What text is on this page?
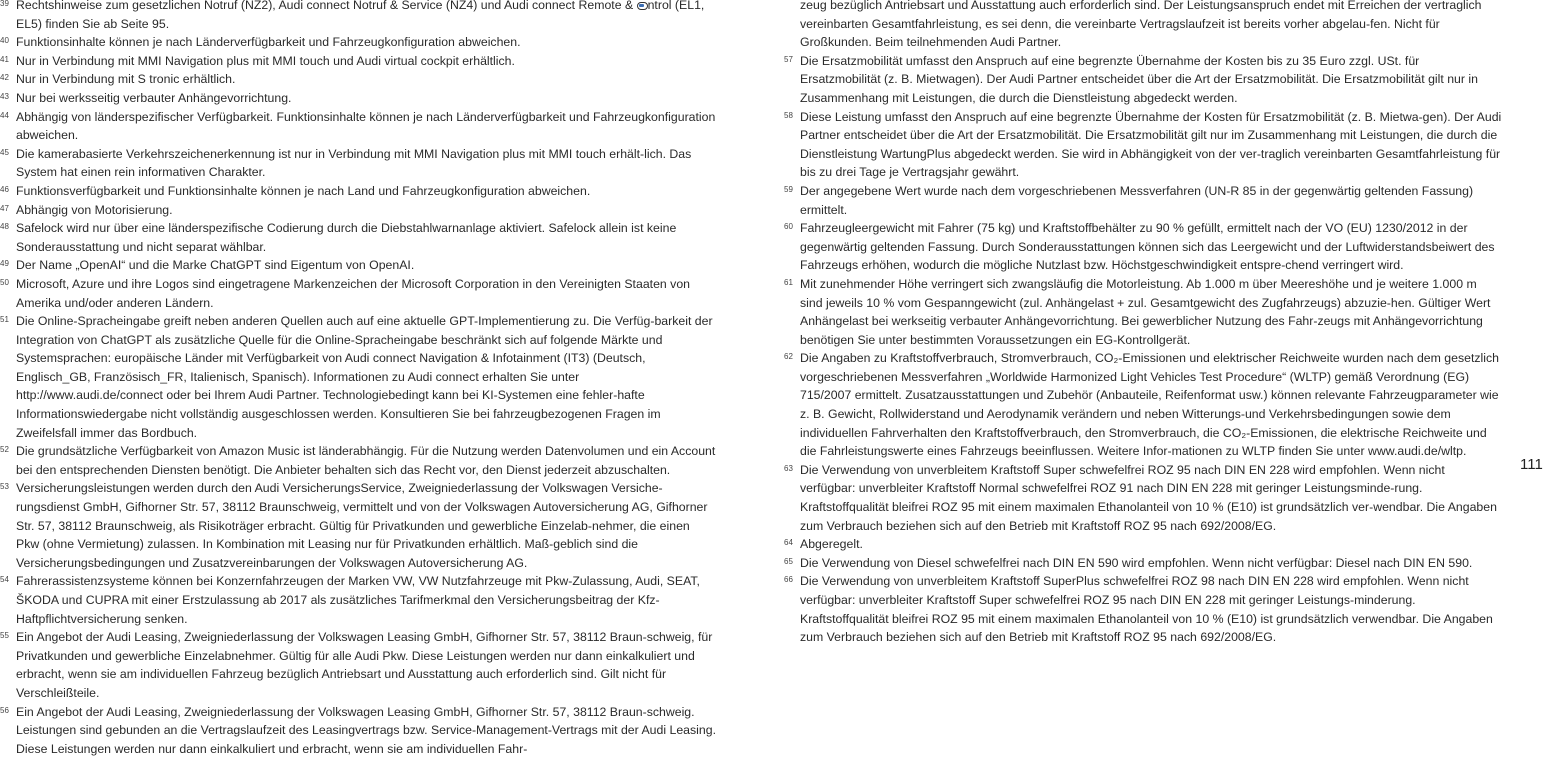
39 Rechtshinweise zum gesetzlichen Notruf (NZ2), Audi connect Notruf & Service (NZ4) und Audi connect Remote & ntrol (EL1, EL5) finden Sie ab Seite 95.
40 Funktionsinhalte können je nach Länderverfügbarkeit und Fahrzeugkonfiguration abweichen.
41 Nur in Verbindung mit MMI Navigation plus mit MMI touch und Audi virtual cockpit erhältlich.
42 Nur in Verbindung mit S tronic erhältlich.
43 Nur bei werksseitig verbauter Anhängevorrichtung.
44 Abhängig von länderspezifischer Verfügbarkeit. Funktionsinhalte können je nach Länderverfügbarkeit und Fahrzeugkonfiguration abweichen.
45 Die kamerabasierte Verkehrszeichenerkennung ist nur in Verbindung mit MMI Navigation plus mit MMI touch erhält-lich. Das System hat einen rein informativen Charakter.
46 Funktionsverfügbarkeit und Funktionsinhalte können je nach Land und Fahrzeugkonfiguration abweichen.
47 Abhängig von Motorisierung.
48 Safelock wird nur über eine länderspezifische Codierung durch die Diebstahlwarnanlage aktiviert. Safelock allein ist keine Sonderausstattung und nicht separat wählbar.
49 Der Name „OpenAI“ und die Marke ChatGPT sind Eigentum von OpenAI.
50 Microsoft, Azure und ihre Logos sind eingetragene Markenzeichen der Microsoft Corporation in den Vereinigten Staaten von Amerika und/oder anderen Ländern.
51 Die Online-Spracheingabe greift neben anderen Quellen auch auf eine aktuelle GPT-Implementierung zu. Die Verfüg-barkeit der Integration von ChatGPT als zusätzliche Quelle für die Online-Spracheingabe beschränkt sich auf folgende Märkte und Systemsprachen: europäische Länder mit Verfügbarkeit von Audi connect Navigation & Infotainment (IT3) (Deutsch, Englisch_GB, Französisch_FR, Italienisch, Spanisch). Informationen zu Audi connect erhalten Sie unter http://www.audi.de/connect oder bei Ihrem Audi Partner. Technologiebedingt kann bei KI-Systemen eine fehler-hafte Informationswiedergabe nicht vollständig ausgeschlossen werden. Konsultieren Sie bei fahrzeugbezogenen Fragen im Zweifelsfall immer das Bordbuch.
52 Die grundsätzliche Verfügbarkeit von Amazon Music ist länderabhängig. Für die Nutzung werden Datenvolumen und ein Account bei den entsprechenden Diensten benötigt. Die Anbieter behalten sich das Recht vor, den Dienst jederzeit abzuschalten.
53 Versicherungsleistungen werden durch den Audi VersicherungsService, Zweigniederlassung der Volkswagen Versiche-rungsdienst GmbH, Gifhorner Str. 57, 38112 Braunschweig, vermittelt und von der Volkswagen Autoversicherung AG, Gifhorner Str. 57, 38112 Braunschweig, als Risikoträger erbracht. Gültig für Privatkunden und gewerbliche Einzelab-nehmer, die einen Pkw (ohne Vermietung) zulassen. In Kombination mit Leasing nur für Privatkunden erhältlich. Maß-geblich sind die Versicherungsbedingungen und Zusatzvereinbarungen der Volkswagen Autoversicherung AG.
54 Fahrerassistenzsysteme können bei Konzernfahrzeugen der Marken VW, VW Nutzfahrzeuge mit Pkw-Zulassung, Audi, SEAT, ŠKODA und CUPRA mit einer Erstzulassung ab 2017 als zusätzliches Tarifmerkmal den Versicherungsbeitrag der Kfz-Haftpflichtversicherung senken.
55 Ein Angebot der Audi Leasing, Zweigniederlassung der Volkswagen Leasing GmbH, Gifhorner Str. 57, 38112 Braun-schweig, für Privatkunden und gewerbliche Einzelabnehmer. Gültig für alle Audi Pkw. Diese Leistungen werden nur dann einkalkuliert und erbracht, wenn sie am individuellen Fahrzeug bezüglich Antriebsart und Ausstattung auch erforderlich sind. Gilt nicht für Verschleißteile.
56 Ein Angebot der Audi Leasing, Zweigniederlassung der Volkswagen Leasing GmbH, Gifhorner Str. 57, 38112 Braun-schweig. Leistungen sind gebunden an die Vertragslaufzeit des Leasingvertrags bzw. Service-Management-Vertrags mit der Audi Leasing. Diese Leistungen werden nur dann einkalkuliert und erbracht, wenn sie am individuellen Fahr-
zeug bezüglich Antriebsart und Ausstattung auch erforderlich sind. Der Leistungsanspruch endet mit Erreichen der vertraglich vereinbarten Gesamtfahrleistung, es sei denn, die vereinbarte Vertragslaufzeit ist bereits vorher abgelau-fen. Nicht für Großkunden. Beim teilnehmenden Audi Partner.
57 Die Ersatzmobilität umfasst den Anspruch auf eine begrenzte Übernahme der Kosten bis zu 35 Euro zzgl. USt. für Ersatzmobilität (z. B. Mietwagen). Der Audi Partner entscheidet über die Art der Ersatzmobilität. Die Ersatzmobilität gilt nur in Zusammenhang mit Leistungen, die durch die Dienstleistung abgedeckt werden.
58 Diese Leistung umfasst den Anspruch auf eine begrenzte Übernahme der Kosten für Ersatzmobilität (z. B. Mietwa-gen). Der Audi Partner entscheidet über die Art der Ersatzmobilität. Die Ersatzmobilität gilt nur im Zusammenhang mit Leistungen, die durch die Dienstleistung WartungPlus abgedeckt werden. Sie wird in Abhängigkeit von der ver-traglich vereinbarten Gesamtfahrleistung für bis zu drei Tage je Vertragsjahr gewährt.
59 Der angegebene Wert wurde nach dem vorgeschriebenen Messverfahren (UN-R 85 in der gegenwärtig geltenden Fassung) ermittelt.
60 Fahrzeugleergewicht mit Fahrer (75 kg) und Kraftstoffbehälter zu 90 % gefüllt, ermittelt nach der VO (EU) 1230/2012 in der gegenwärtig geltenden Fassung. Durch Sonderausstattungen können sich das Leergewicht und der Luftwiderstandsbeiwert des Fahrzeugs erhöhen, wodurch die mögliche Nutzlast bzw. Höchstgeschwindigkeit entspre-chend verringert wird.
61 Mit zunehmender Höhe verringert sich zwangsläufig die Motorleistung. Ab 1.000 m über Meereshöhe und je weitere 1.000 m sind jeweils 10 % vom Gespanngewicht (zul. Anhängelast + zul. Gesamtgewicht des Zugfahrzeugs) abzuzie-hen. Gültiger Wert Anhängelast bei werkseitig verbauter Anhängevorrichtung. Bei gewerblicher Nutzung des Fahr-zeugs mit Anhängevorrichtung benötigen Sie unter bestimmten Voraussetzungen ein EG-Kontrollgerät.
62 Die Angaben zu Kraftstoffverbrauch, Stromverbrauch, CO₂-Emissionen und elektrischer Reichweite wurden nach dem gesetzlich vorgeschriebenen Messverfahren „Worldwide Harmonized Light Vehicles Test Procedure“ (WLTP) gemäß Verordnung (EG) 715/2007 ermittelt. Zusatzausstattungen und Zubehör (Anbauteile, Reifenformat usw.) können relevante Fahrzeugparameter wie z. B. Gewicht, Rollwiderstand und Aerodynamik verändern und neben Witterungs-und Verkehrsbedingungen sowie dem individuellen Fahrverhalten den Kraftstoffverbrauch, den Stromverbrauch, die CO₂-Emissionen, die elektrische Reichweite und die Fahrleistungswerte eines Fahrzeugs beeinflussen. Weitere Infor-mationen zu WLTP finden Sie unter www.audi.de/wltp.
63 Die Verwendung von unverbleitem Kraftstoff Super schwefelfrei ROZ 95 nach DIN EN 228 wird empfohlen. Wenn nicht verfügbar: unverbleiter Kraftstoff Normal schwefelfrei ROZ 91 nach DIN EN 228 mit geringer Leistungsminde-rung. Kraftstoffqualität bleifrei ROZ 95 mit einem maximalen Ethanolanteil von 10 % (E10) ist grundsätzlich ver-wendbar. Die Angaben zum Verbrauch beziehen sich auf den Betrieb mit Kraftstoff ROZ 95 nach 692/2008/EG.
64 Abgeregelt.
65 Die Verwendung von Diesel schwefelfrei nach DIN EN 590 wird empfohlen. Wenn nicht verfügbar: Diesel nach DIN EN 590.
66 Die Verwendung von unverbleitem Kraftstoff SuperPlus schwefelfrei ROZ 98 nach DIN EN 228 wird empfohlen. Wenn nicht verfügbar: unverbleiter Kraftstoff Super schwefelfrei ROZ 95 nach DIN EN 228 mit geringer Leistungs-minderung. Kraftstoffqualität bleifrei ROZ 95 mit einem maximalen Ethanolanteil von 10 % (E10) ist grundsätzlich verwendbar. Die Angaben zum Verbrauch beziehen sich auf den Betrieb mit Kraftstoff ROZ 95 nach 692/2008/EG.
111
